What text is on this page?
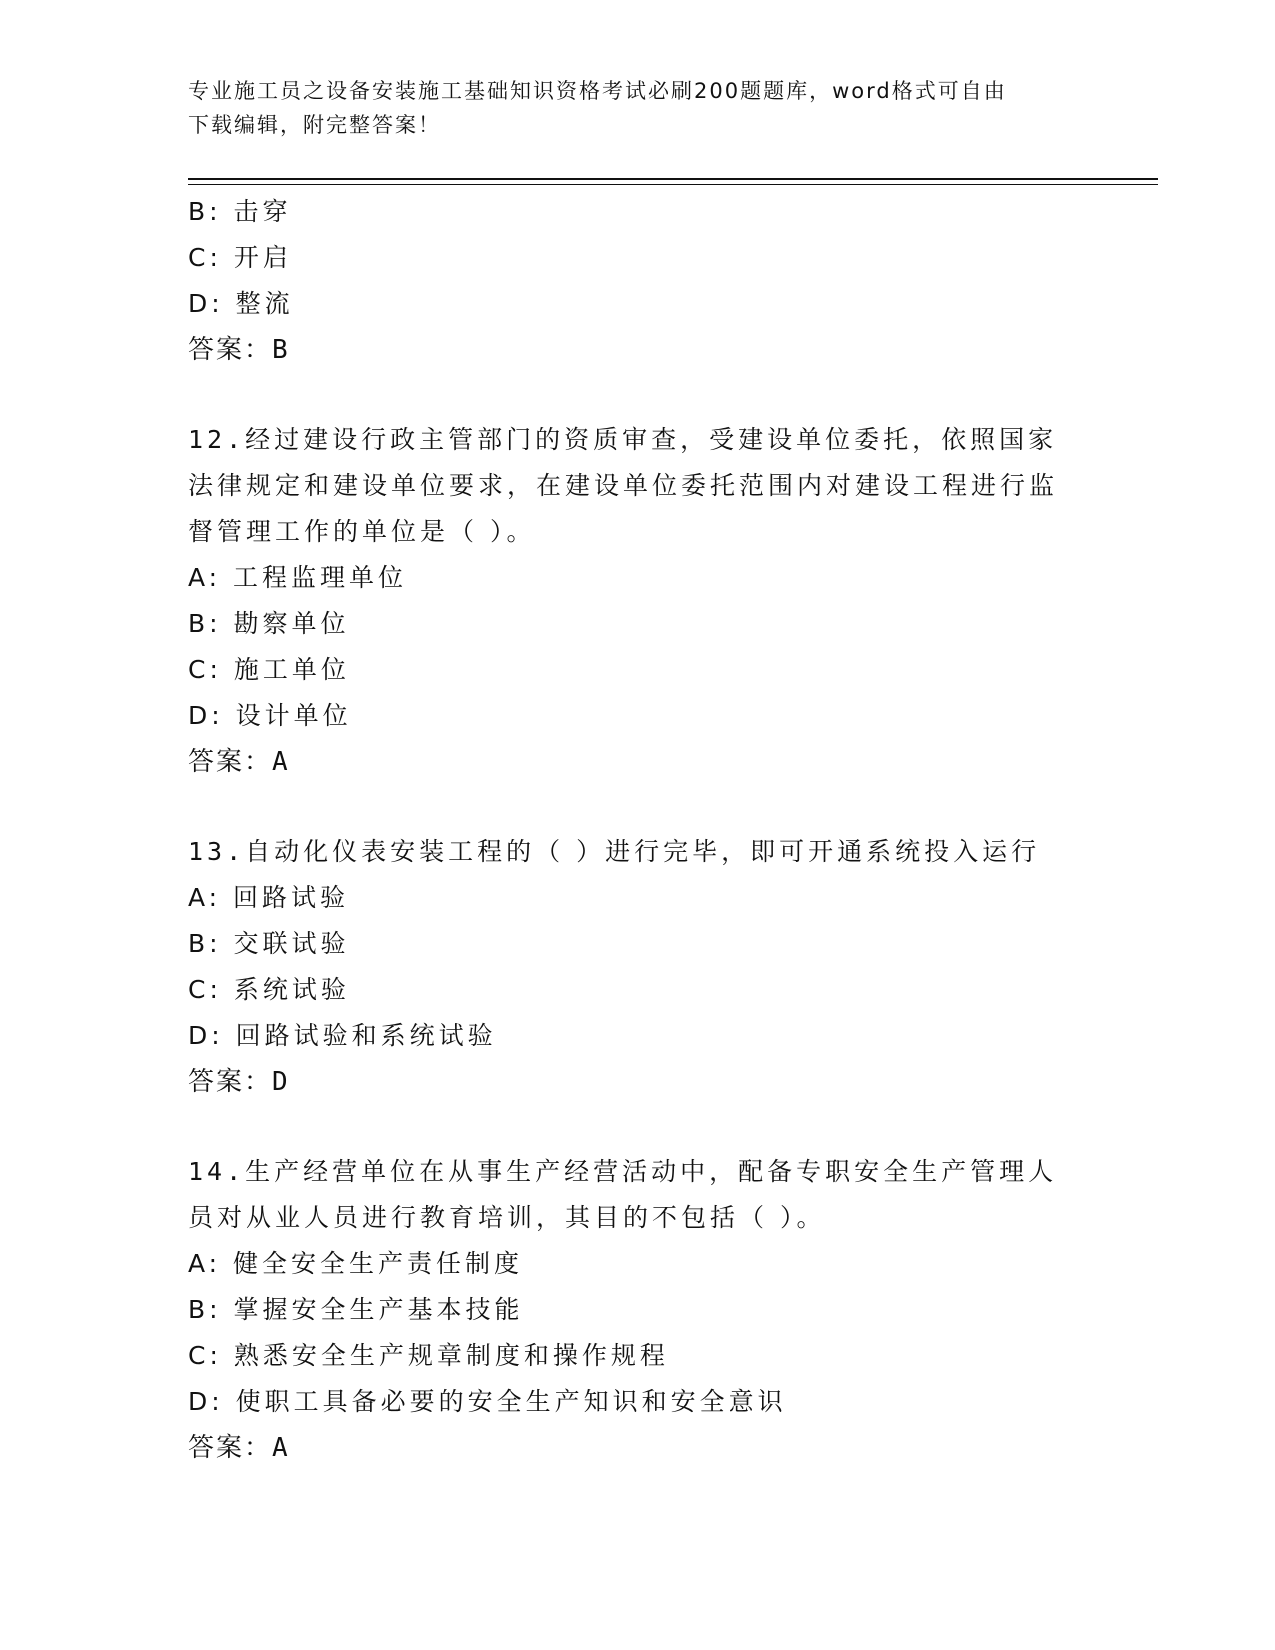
专业施工员之设备安装施工基础知识资格考试必刷200题题库，word格式可自由
下载编辑，附完整答案！
B: 击穿
C: 开启
D: 整流
答案：B
12.经过建设行政主管部门的资质审查，受建设单位委托，依照国家法律规定和建设单位要求，在建设单位委托范围内对建设工程进行监督管理工作的单位是（ ）。
A: 工程监理单位
B: 勘察单位
C: 施工单位
D: 设计单位
答案：A
13.自动化仪表安装工程的（ ）进行完毕，即可开通系统投入运行
A: 回路试验
B: 交联试验
C: 系统试验
D: 回路试验和系统试验
答案：D
14.生产经营单位在从事生产经营活动中，配备专职安全生产管理人员对从业人员进行教育培训，其目的不包括（ ）。
A: 健全安全生产责任制度
B: 掌握安全生产基本技能
C: 熟悉安全生产规章制度和操作规程
D: 使职工具备必要的安全生产知识和安全意识
答案：A
